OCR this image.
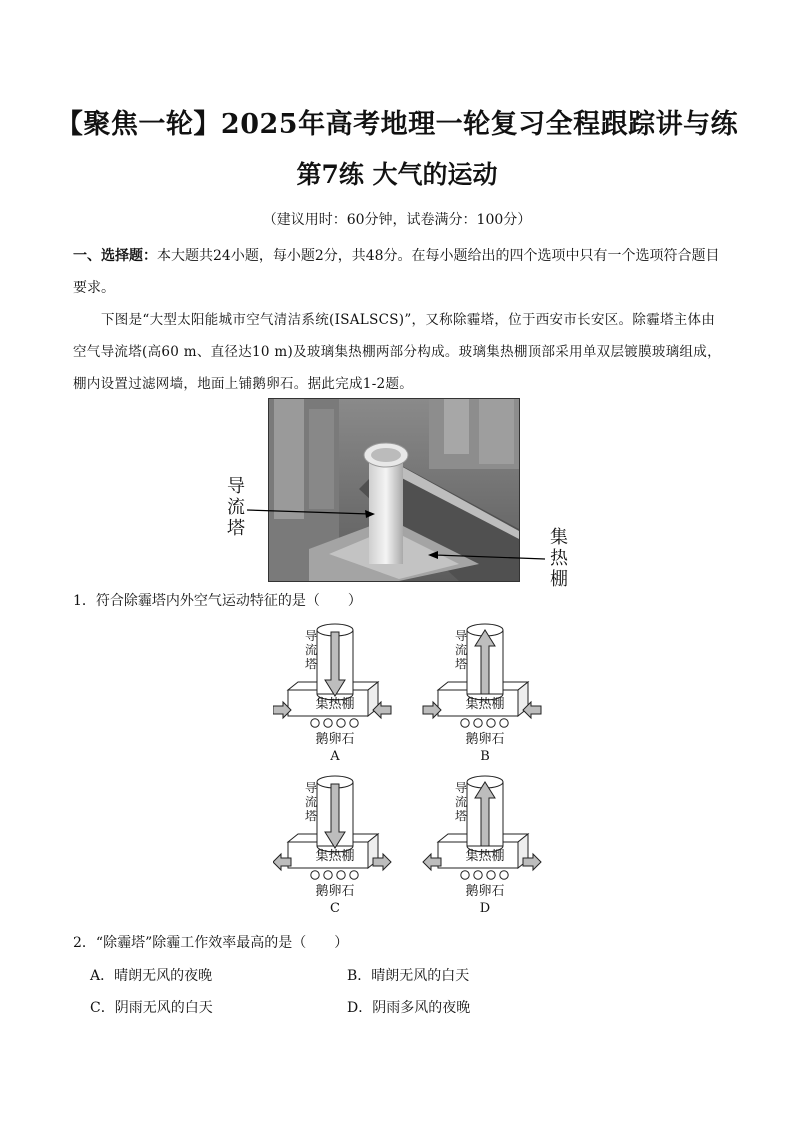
【聚焦一轮】2025年高考地理一轮复习全程跟踪讲与练
第7练 大气的运动
（建议用时：60分钟，试卷满分：100分）
一、选择题：本大题共24小题，每小题2分，共48分。在每小题给出的四个选项中只有一个选项符合题目要求。
下图是“大型太阳能城市空气清洁系统(ISALSCS)”，又称除霾塔，位于西安市长安区。除霾塔主体由空气导流塔(高60 m、直径达10 m)及玻璃集热棚两部分构成。玻璃集热棚顶部采用单双层镀膜玻璃组成，棚内设置过滤网墙，地面上铺鹅卵石。据此完成1-2题。
导
流
塔	集
热
棚
1．符合除霾塔内外空气运动特征的是（　　）
导
流
塔
集热棚
鹅卵石
A
导
流
塔
集热棚
鹅卵石
B
导
流
塔
集热棚
鹅卵石
C
导
流
塔
集热棚
鹅卵石
D
2．“除霾塔”除霾工作效率最高的是（　　）
A．晴朗无风的夜晚	B．晴朗无风的白天
C．阴雨无风的白天	D．阴雨多风的夜晚
